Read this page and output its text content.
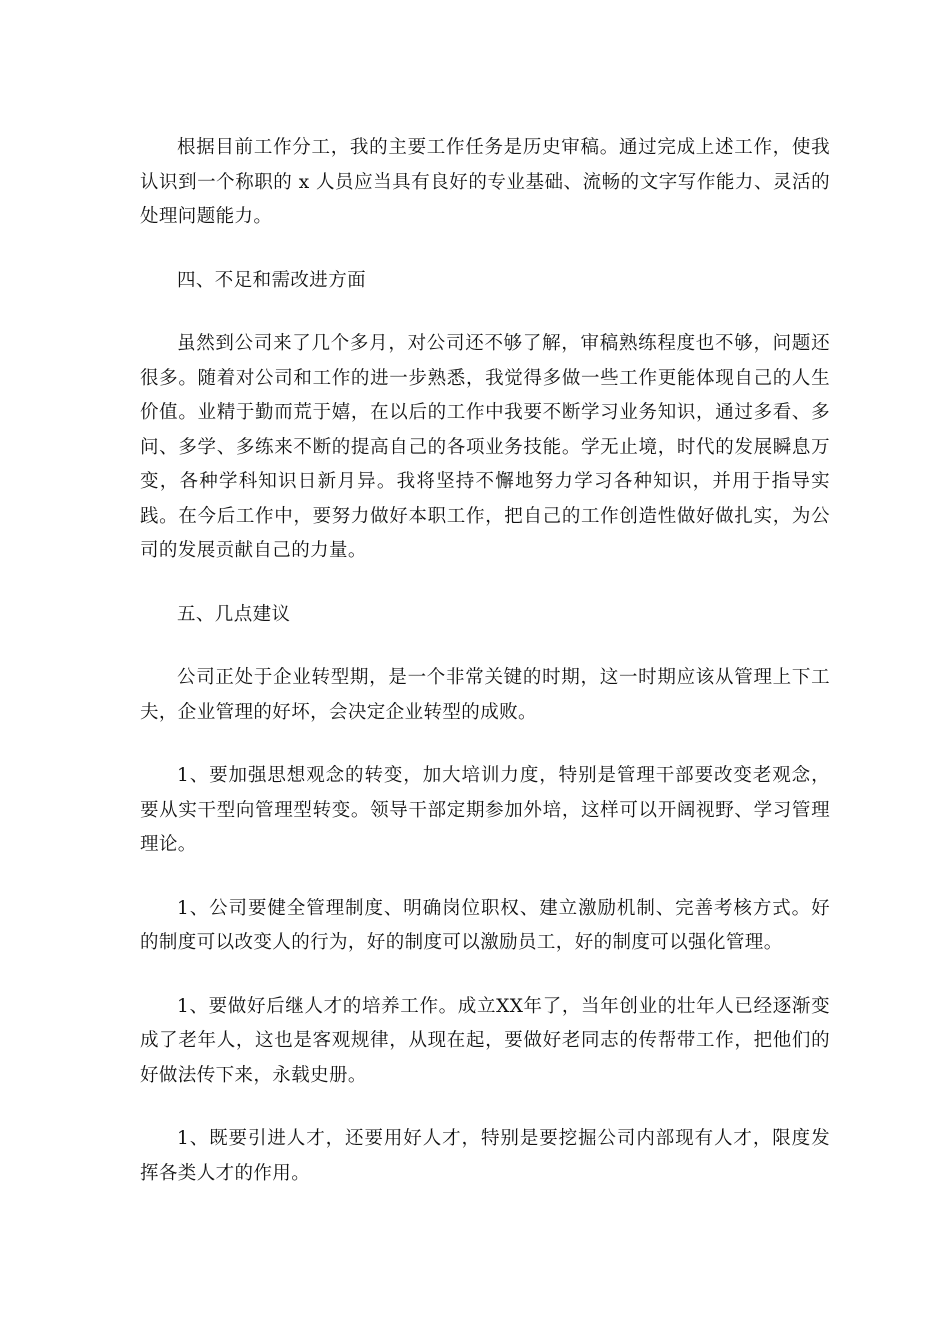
根据目前工作分工，我的主要工作任务是历史审稿。通过完成上述工作，使我认识到一个称职的 x 人员应当具有良好的专业基础、流畅的文字写作能力、灵活的处理问题能力。

四、不足和需改进方面

虽然到公司来了几个多月，对公司还不够了解，审稿熟练程度也不够，问题还很多。随着对公司和工作的进一步熟悉，我觉得多做一些工作更能体现自己的人生价值。业精于勤而荒于嬉，在以后的工作中我要不断学习业务知识，通过多看、多问、多学、多练来不断的提高自己的各项业务技能。学无止境，时代的发展瞬息万变，各种学科知识日新月异。我将坚持不懈地努力学习各种知识，并用于指导实践。在今后工作中，要努力做好本职工作，把自己的工作创造性做好做扎实，为公司的发展贡献自己的力量。

五、几点建议

公司正处于企业转型期，是一个非常关键的时期，这一时期应该从管理上下工夫，企业管理的好坏，会决定企业转型的成败。

1、要加强思想观念的转变，加大培训力度，特别是管理干部要改变老观念，要从实干型向管理型转变。领导干部定期参加外培，这样可以开阔视野、学习管理理论。

1、公司要健全管理制度、明确岗位职权、建立激励机制、完善考核方式。好的制度可以改变人的行为，好的制度可以激励员工，好的制度可以强化管理。

1、要做好后继人才的培养工作。成立XX年了，当年创业的壮年人已经逐渐变成了老年人，这也是客观规律，从现在起，要做好老同志的传帮带工作，把他们的好做法传下来，永载史册。

1、既要引进人才，还要用好人才，特别是要挖掘公司内部现有人才，限度发挥各类人才的作用。
